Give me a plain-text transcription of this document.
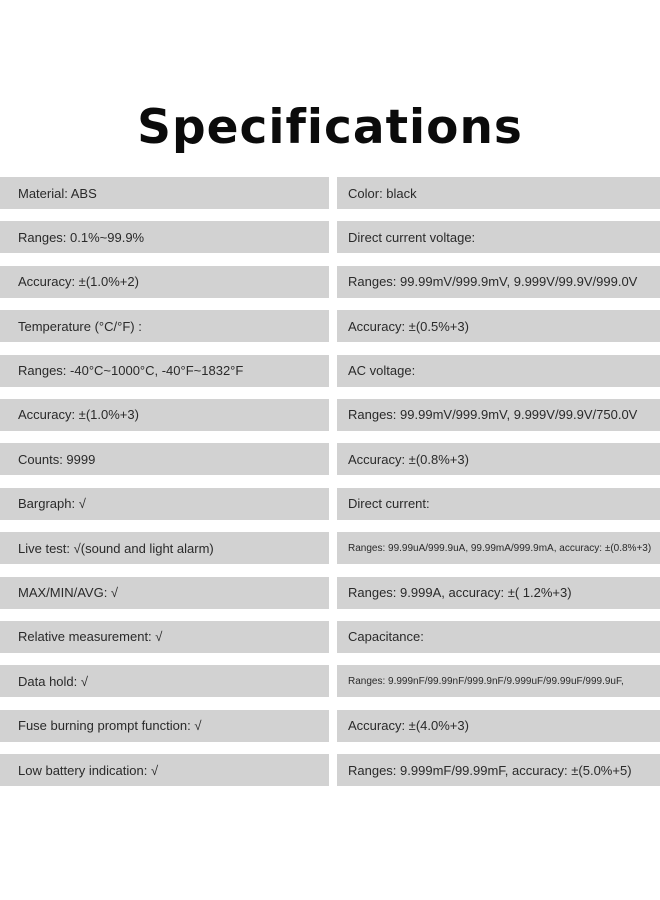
Specifications
Material: ABS	Color: black
Ranges: 0.1%~99.9%	Direct current voltage:
Accuracy: ±(1.0%+2)	Ranges: 99.99mV/999.9mV, 9.999V/99.9V/999.0V
Temperature (°C/°F) :	Accuracy: ±(0.5%+3)
Ranges: -40°C~1000°C, -40°F~1832°F	AC voltage:
Accuracy: ±(1.0%+3)	Ranges: 99.99mV/999.9mV, 9.999V/99.9V/750.0V
Counts: 9999	Accuracy: ±(0.8%+3)
Bargraph: √	Direct current:
Live test: √(sound and light alarm)	Ranges: 99.99uA/999.9uA, 99.99mA/999.9mA, accuracy: ±(0.8%+3)
MAX/MIN/AVG: √	Ranges: 9.999A, accuracy: ±( 1.2%+3)
Relative measurement: √	Capacitance:
Data hold: √	Ranges: 9.999nF/99.99nF/999.9nF/9.999uF/99.99uF/999.9uF,
Fuse burning prompt function: √	Accuracy: ±(4.0%+3)
Low battery indication: √	Ranges: 9.999mF/99.99mF, accuracy: ±(5.0%+5)
